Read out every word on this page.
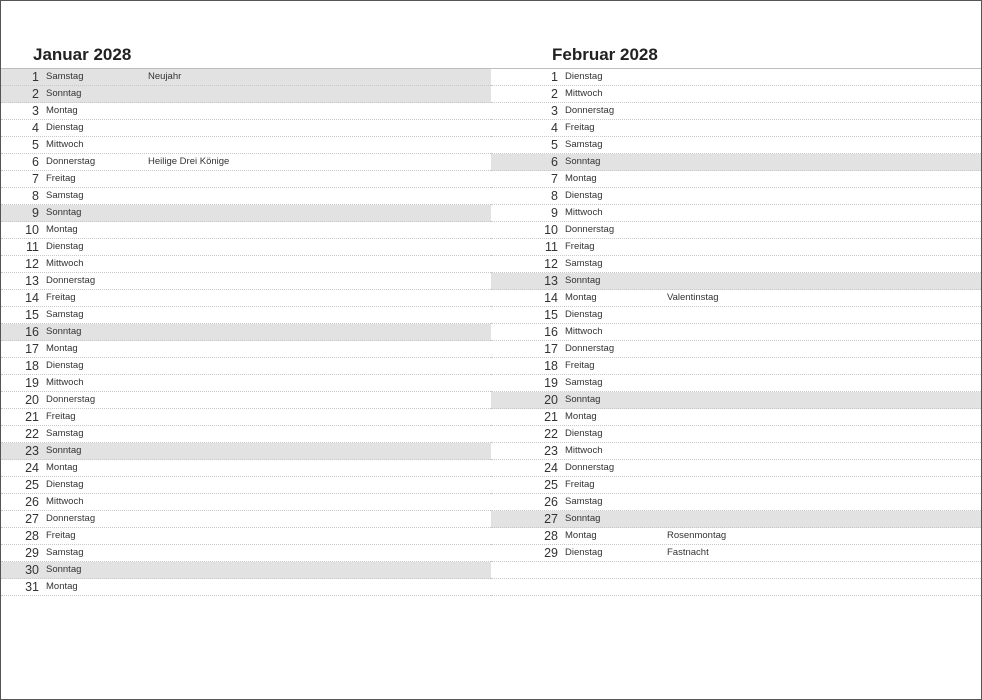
Januar 2028
1 Samstag	Neujahr
2 Sonntag
3 Montag
4 Dienstag
5 Mittwoch
6 Donnerstag	Heilige Drei Könige
7 Freitag
8 Samstag
9 Sonntag
10 Montag
11 Dienstag
12 Mittwoch
13 Donnerstag
14 Freitag
15 Samstag
16 Sonntag
17 Montag
18 Dienstag
19 Mittwoch
20 Donnerstag
21 Freitag
22 Samstag
23 Sonntag
24 Montag
25 Dienstag
26 Mittwoch
27 Donnerstag
28 Freitag
29 Samstag
30 Sonntag
31 Montag
Februar 2028
1 Dienstag
2 Mittwoch
3 Donnerstag
4 Freitag
5 Samstag
6 Sonntag
7 Montag
8 Dienstag
9 Mittwoch
10 Donnerstag
11 Freitag
12 Samstag
13 Sonntag
14 Montag	Valentinstag
15 Dienstag
16 Mittwoch
17 Donnerstag
18 Freitag
19 Samstag
20 Sonntag
21 Montag
22 Dienstag
23 Mittwoch
24 Donnerstag
25 Freitag
26 Samstag
27 Sonntag
28 Montag	Rosenmontag
29 Dienstag	Fastnacht
